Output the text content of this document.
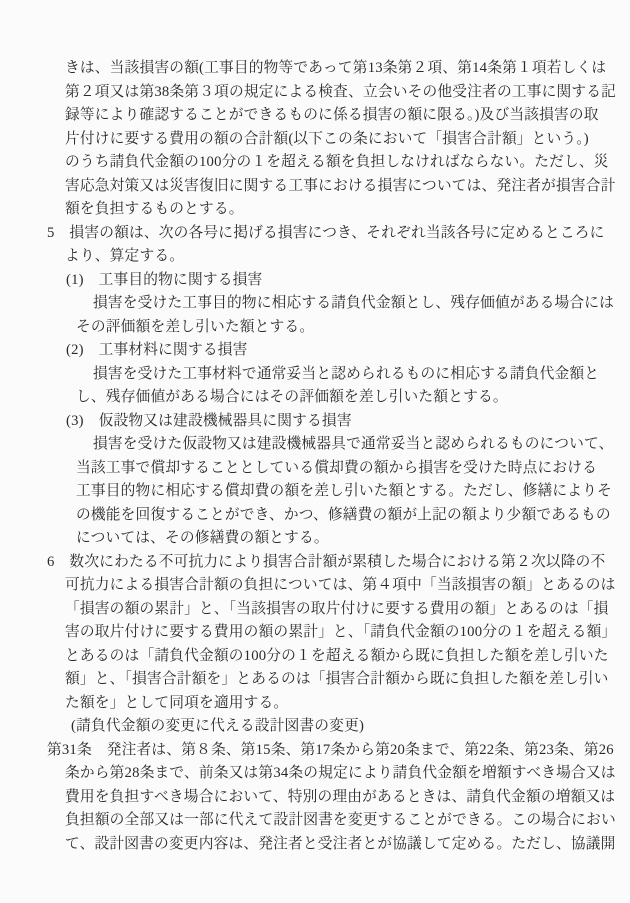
きは、当該損害の額(工事目的物等であって第13条第２項、第14条第１項若しくは
第２項又は第38条第３項の規定による検査、立会いその他受注者の工事に関する記
録等により確認することができるものに係る損害の額に限る。)及び当該損害の取
片付けに要する費用の額の合計額(以下この条において「損害合計額」という。)
のうち請負代金額の100分の１を超える額を負担しなければならない。ただし、災
害応急対策又は災害復旧に関する工事における損害については、発注者が損害合計
額を負担するものとする。
5　損害の額は、次の各号に掲げる損害につき、それぞれ当該各号に定めるところに
より、算定する。
(1)　工事目的物に関する損害
損害を受けた工事目的物に相応する請負代金額とし、残存価値がある場合には
その評価額を差し引いた額とする。
(2)　工事材料に関する損害
損害を受けた工事材料で通常妥当と認められるものに相応する請負代金額と
し、残存価値がある場合にはその評価額を差し引いた額とする。
(3)　仮設物又は建設機械器具に関する損害
損害を受けた仮設物又は建設機械器具で通常妥当と認められるものについて、
当該工事で償却することとしている償却費の額から損害を受けた時点における
工事目的物に相応する償却費の額を差し引いた額とする。ただし、修繕によりそ
の機能を回復することができ、かつ、修繕費の額が上記の額より少額であるもの
については、その修繕費の額とする。
6　数次にわたる不可抗力により損害合計額が累積した場合における第２次以降の不
可抗力による損害合計額の負担については、第４項中「当該損害の額」とあるのは
「損害の額の累計」と、「当該損害の取片付けに要する費用の額」とあるのは「損
害の取片付けに要する費用の額の累計」と、「請負代金額の100分の１を超える額」
とあるのは「請負代金額の100分の１を超える額から既に負担した額を差し引いた
額」と、「損害合計額を」とあるのは「損害合計額から既に負担した額を差し引い
た額を」として同項を適用する。
(請負代金額の変更に代える設計図書の変更)
第31条　発注者は、第８条、第15条、第17条から第20条まで、第22条、第23条、第26
条から第28条まで、前条又は第34条の規定により請負代金額を増額すべき場合又は
費用を負担すべき場合において、特別の理由があるときは、請負代金額の増額又は
負担額の全部又は一部に代えて設計図書を変更することができる。この場合におい
て、設計図書の変更内容は、発注者と受注者とが協議して定める。ただし、協議開
